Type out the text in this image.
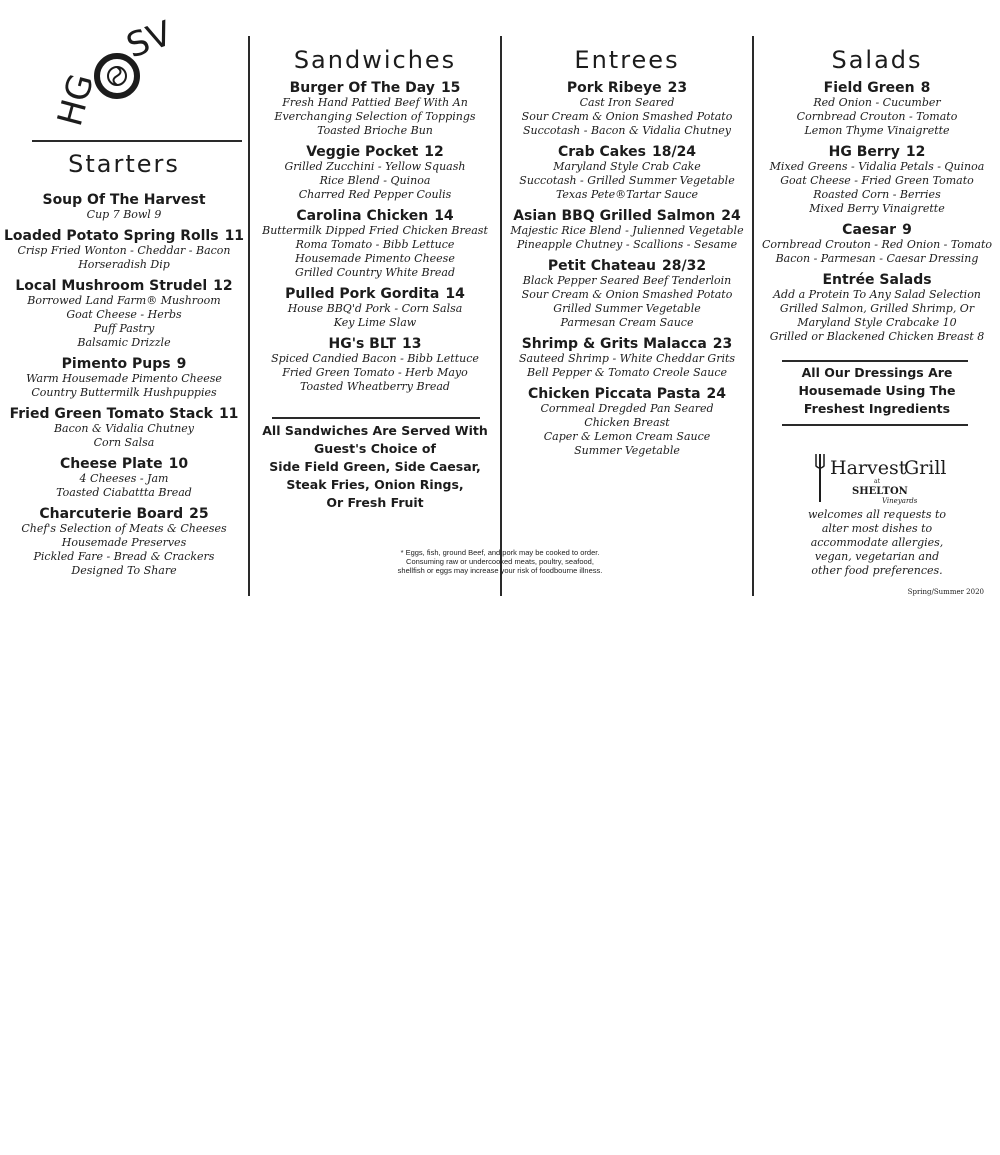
SV
HG
Starters
Soup Of The Harvest
Cup 7 Bowl 9
Loaded Potato Spring Rolls 11
Crisp Fried Wonton - Cheddar - Bacon
Horseradish Dip
Local Mushroom Strudel 12
Borrowed Land Farm® Mushroom
Goat Cheese - Herbs
Puff Pastry
Balsamic Drizzle
Pimento Pups 9
Warm Housemade Pimento Cheese
Country Buttermilk Hushpuppies
Fried Green Tomato Stack 11
Bacon & Vidalia Chutney
Corn Salsa
Cheese Plate 10
4 Cheeses - Jam
Toasted Ciabattta Bread
Charcuterie Board 25
Chef's Selection of Meats & Cheeses
Housemade Preserves
Pickled Fare - Bread & Crackers
Designed To Share
Sandwiches
Burger Of The Day 15
Fresh Hand Pattied Beef With An
Everchanging Selection of Toppings
Toasted Brioche Bun
Veggie Pocket 12
Grilled Zucchini - Yellow Squash
Rice Blend - Quinoa
Charred Red Pepper Coulis
Carolina Chicken 14
Buttermilk Dipped Fried Chicken Breast
Roma Tomato - Bibb Lettuce
Housemade Pimento Cheese
Grilled Country White Bread
Pulled Pork Gordita 14
House BBQ'd Pork - Corn Salsa
Key Lime Slaw
HG's BLT 13
Spiced Candied Bacon - Bibb Lettuce
Fried Green Tomato - Herb Mayo
Toasted Wheatberry Bread
All Sandwiches Are Served With
Guest's Choice of
Side Field Green, Side Caesar,
Steak Fries, Onion Rings,
Or Fresh Fruit
Entrees
Pork Ribeye 23
Cast Iron Seared
Sour Cream & Onion Smashed Potato
Succotash - Bacon & Vidalia Chutney
Crab Cakes 18/24
Maryland Style Crab Cake
Succotash - Grilled Summer Vegetable
Texas Pete®Tartar Sauce
Asian BBQ Grilled Salmon 24
Majestic Rice Blend - Julienned Vegetable
Pineapple Chutney - Scallions - Sesame
Petit Chateau 28/32
Black Pepper Seared Beef Tenderloin
Sour Cream & Onion Smashed Potato
Grilled Summer Vegetable
Parmesan Cream Sauce
Shrimp & Grits Malacca 23
Sauteed Shrimp - White Cheddar Grits
Bell Pepper & Tomato Creole Sauce
Chicken Piccata Pasta 24
Cornmeal Dregded Pan Seared
Chicken Breast
Caper & Lemon Cream Sauce
Summer Vegetable
* Eggs, fish, ground Beef, and pork may be cooked to order.
Consuming raw or undercooked meats, poultry, seafood,
shellfish or eggs may increase your risk of foodbourne illness.
Salads
Field Green 8
Red Onion - Cucumber
Cornbread Crouton - Tomato
Lemon Thyme Vinaigrette
HG Berry 12
Mixed Greens - Vidalia Petals - Quinoa
Goat Cheese - Fried Green Tomato
Roasted Corn - Berries
Mixed Berry Vinaigrette
Caesar 9
Cornbread Crouton - Red Onion - Tomato
Bacon - Parmesan - Caesar Dressing
Entrée Salads
Add a Protein To Any Salad Selection
Grilled Salmon, Grilled Shrimp, Or
Maryland Style Crabcake 10
Grilled or Blackened Chicken Breast 8
All Our Dressings Are
Housemade Using The
Freshest Ingredients
Harvest
Grill
at
SHELTON
Vineyards
welcomes all requests to
alter most dishes to
accommodate allergies,
vegan, vegetarian and
other food preferences.
Spring/Summer 2020
